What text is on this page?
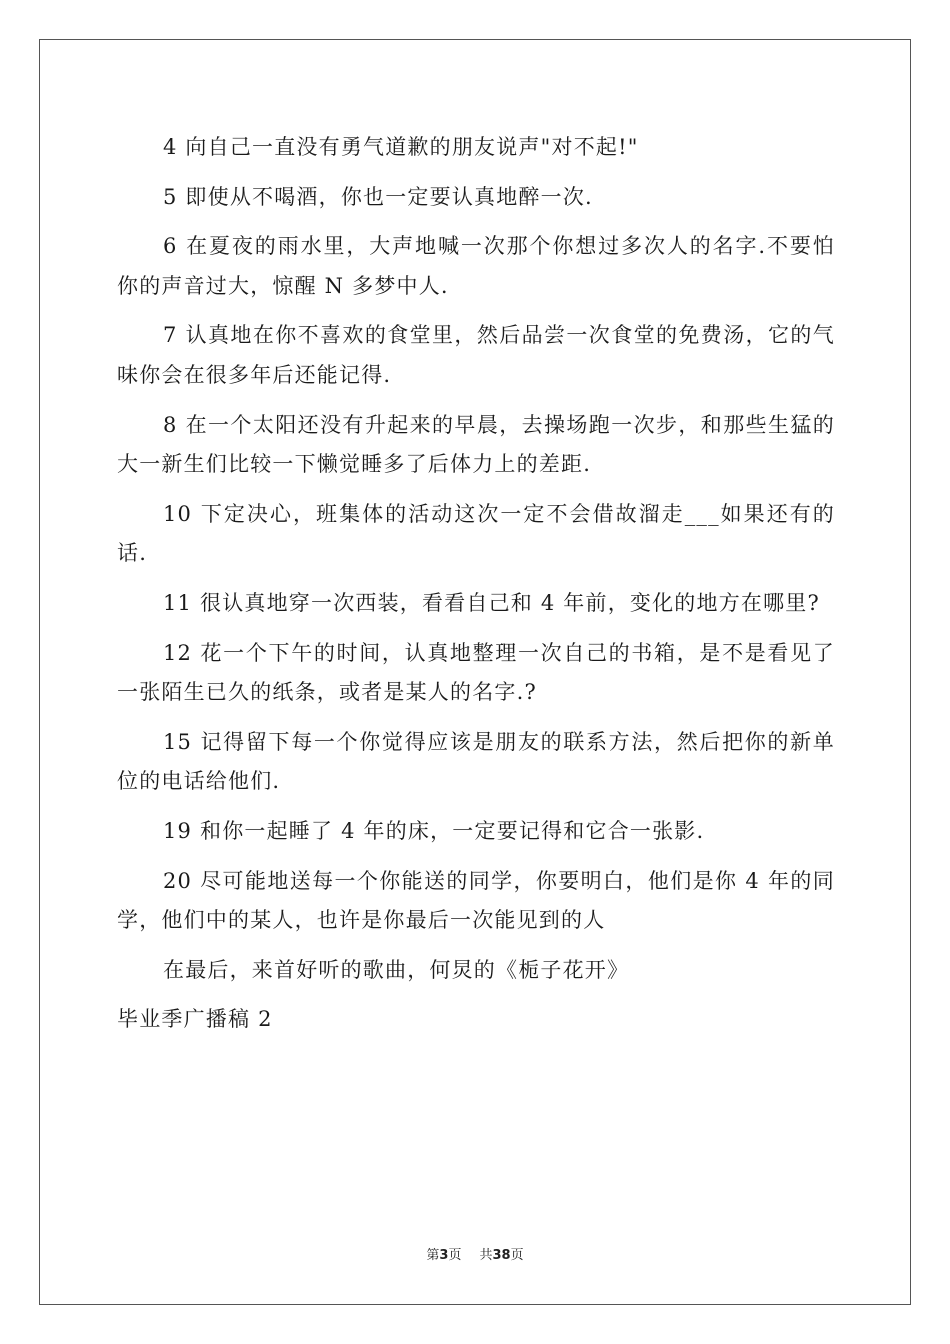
4 向自己一直没有勇气道歉的朋友说声"对不起!"

5 即使从不喝酒，你也一定要认真地醉一次.

6 在夏夜的雨水里，大声地喊一次那个你想过多次人的名字.不要怕你的声音过大，惊醒 N 多梦中人.

7 认真地在你不喜欢的食堂里，然后品尝一次食堂的免费汤，它的气味你会在很多年后还能记得.

8 在一个太阳还没有升起来的早晨，去操场跑一次步，和那些生猛的大一新生们比较一下懒觉睡多了后体力上的差距.

10 下定决心，班集体的活动这次一定不会借故溜走___如果还有的话.

11 很认真地穿一次西装，看看自己和 4 年前，变化的地方在哪里?

12 花一个下午的时间，认真地整理一次自己的书箱，是不是看见了一张陌生已久的纸条，或者是某人的名字.?

15 记得留下每一个你觉得应该是朋友的联系方法，然后把你的新单位的电话给他们.

19 和你一起睡了 4 年的床，一定要记得和它合一张影.

20 尽可能地送每一个你能送的同学，你要明白，他们是你 4 年的同学，他们中的某人，也许是你最后一次能见到的人

在最后，来首好听的歌曲，何炅的《栀子花开》

毕业季广播稿 2
第3页 共38页
